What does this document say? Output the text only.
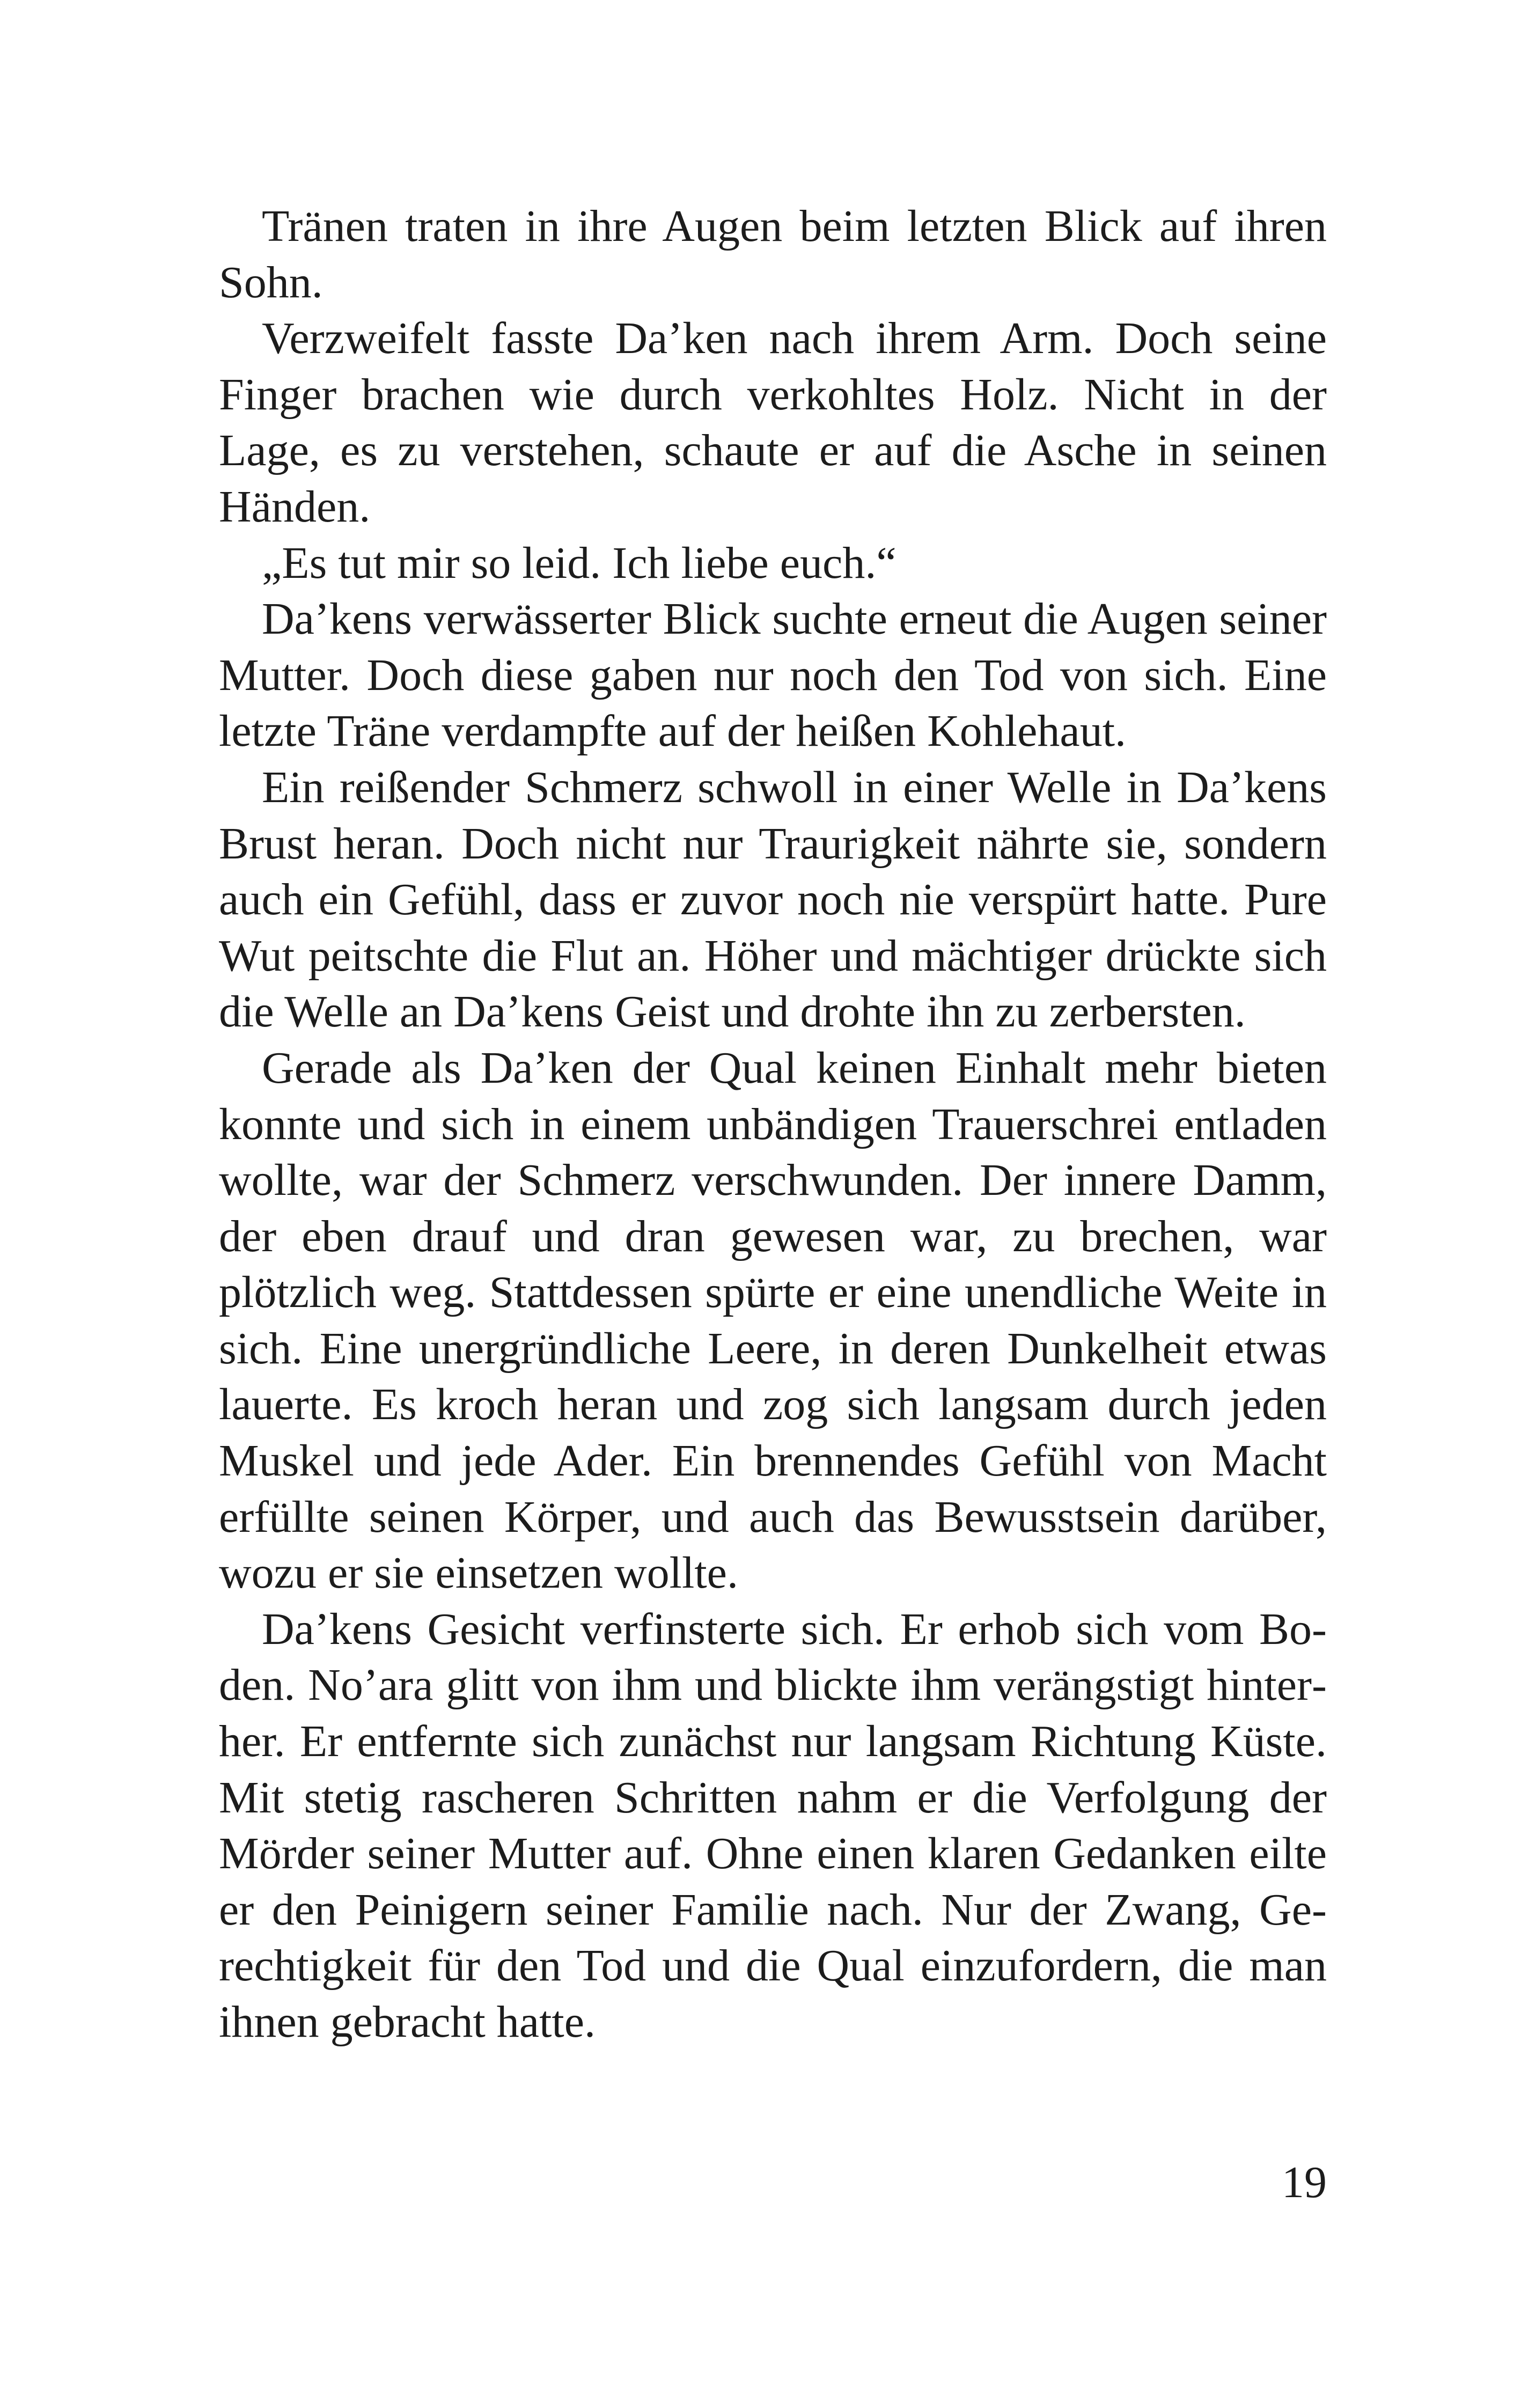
Tränen traten in ihre Augen beim letzten Blick auf ihren Sohn.

Verzweifelt fasste Da’ken nach ihrem Arm. Doch seine Finger brachen wie durch verkohltes Holz. Nicht in der Lage, es zu verstehen, schaute er auf die Asche in seinen Händen.

„Es tut mir so leid. Ich liebe euch.“

Da’kens verwässerter Blick suchte erneut die Augen seiner Mutter. Doch diese gaben nur noch den Tod von sich. Eine letzte Träne verdampfte auf der heißen Kohlehaut.

Ein reißender Schmerz schwoll in einer Welle in Da’kens Brust heran. Doch nicht nur Traurigkeit nährte sie, sondern auch ein Gefühl, dass er zuvor noch nie verspürt hatte. Pure Wut peitschte die Flut an. Höher und mächtiger drückte sich die Welle an Da’kens Geist und drohte ihn zu zerbersten.

Gerade als Da’ken der Qual keinen Einhalt mehr bieten konnte und sich in einem unbändigen Trauerschrei entladen wollte, war der Schmerz verschwunden. Der innere Damm, der eben drauf und dran gewesen war, zu brechen, war plötzlich weg. Stattdessen spürte er eine unendliche Weite in sich. Eine unergründliche Leere, in deren Dunkelheit etwas lauerte. Es kroch heran und zog sich langsam durch jeden Muskel und jede Ader. Ein brennendes Gefühl von Macht erfüllte seinen Körper, und auch das Bewusstsein darüber, wozu er sie einsetzen wollte.

Da’kens Gesicht verfinsterte sich. Er erhob sich vom Boden. No’ara glitt von ihm und blickte ihm verängstigt hinterher. Er entfernte sich zunächst nur langsam Richtung Küste. Mit stetig rascheren Schritten nahm er die Verfolgung der Mörder seiner Mutter auf. Ohne einen klaren Gedanken eilte er den Peinigern seiner Familie nach. Nur der Zwang, Gerechtigkeit für den Tod und die Qual einzufordern, die man ihnen gebracht hatte.

19
